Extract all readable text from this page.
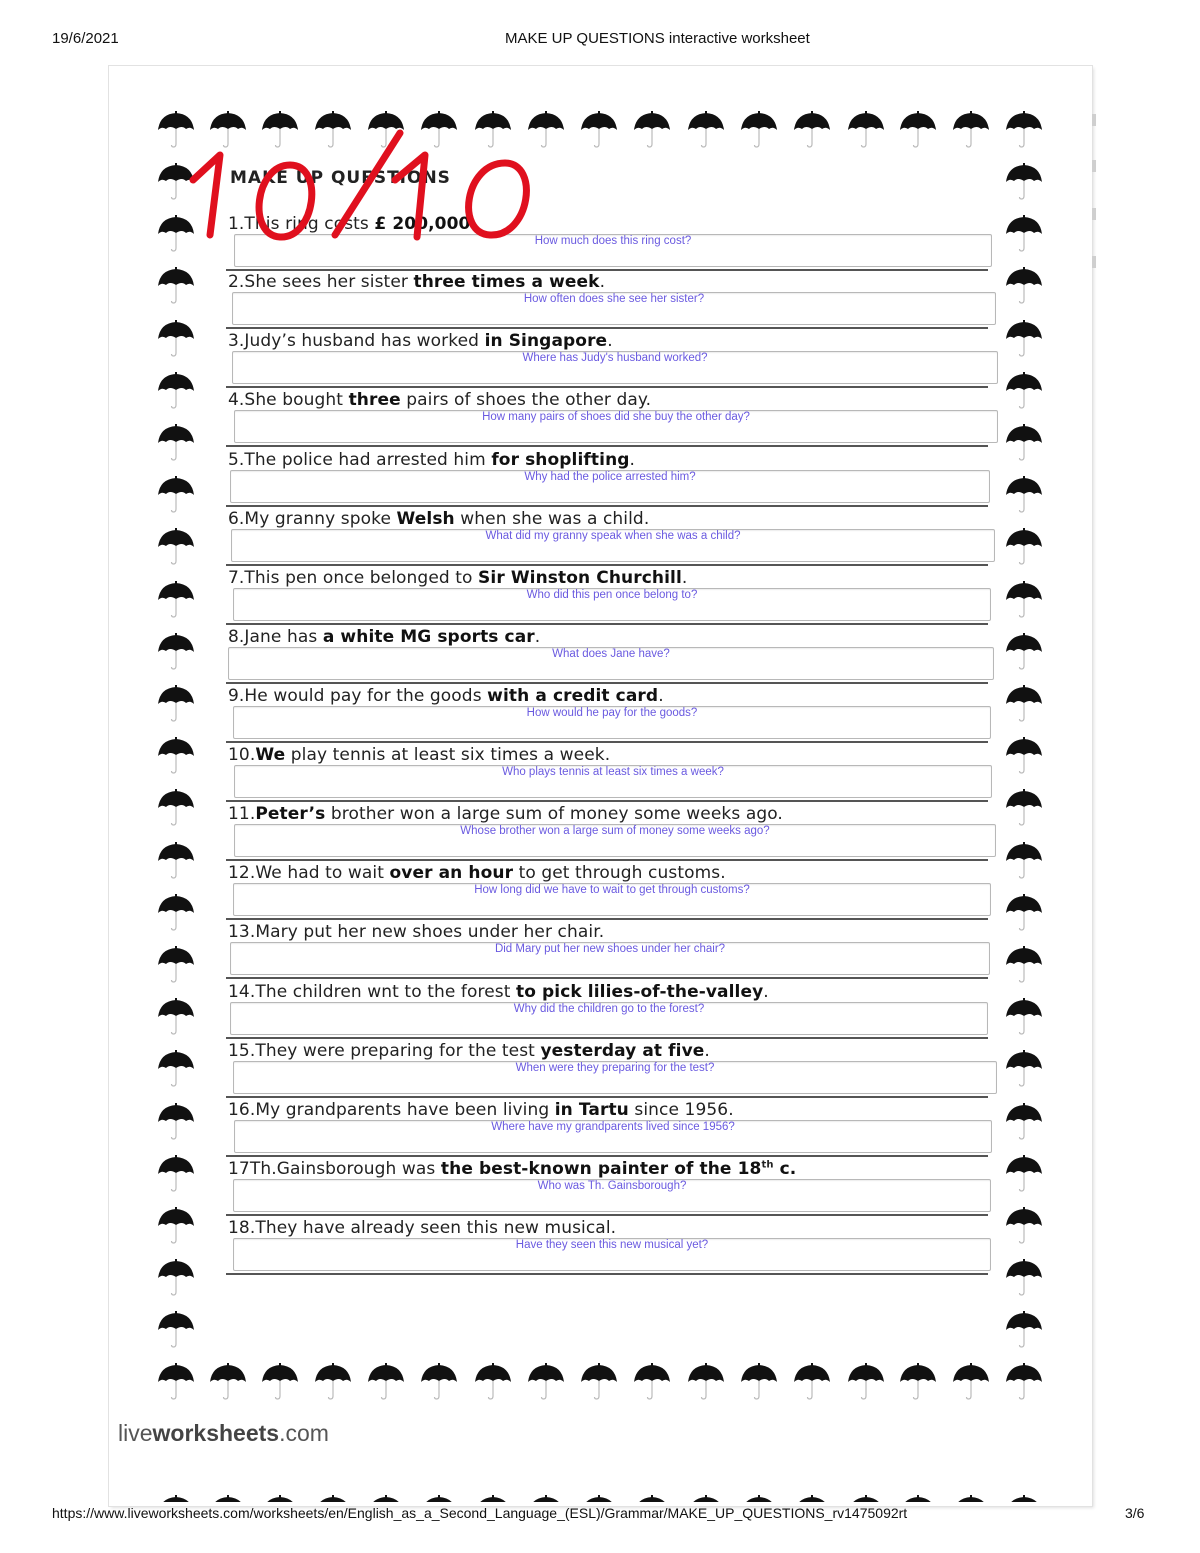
19/6/2021	MAKE UP QUESTIONS interactive worksheet
MAKE UP QUESTIONS
1.This ring costs £ 200,000.
How much does this ring cost?
2.She sees her sister three times a week.
How often does she see her sister?
3.Judy’s husband has worked in Singapore.
Where has Judy's husband worked?
4.She bought three pairs of shoes the other day.
How many pairs of shoes did she buy the other day?
5.The police had arrested him for shoplifting.
Why had the police arrested him?
6.My granny spoke Welsh when she was a child.
What did my granny speak when she was a child?
7.This pen once belonged to Sir Winston Churchill.
Who did this pen once belong to?
8.Jane has a white MG sports car.
What does Jane have?
9.He would pay for the goods with a credit card.
How would he pay for the goods?
10.We play tennis at least six times a week.
Who plays tennis at least six times a week?
11.Peter’s brother won a large sum of money some weeks ago.
Whose brother won a large sum of money some weeks ago?
12.We had to wait over an hour to get through customs.
How long did we have to wait to get through customs?
13.Mary put her new shoes under her chair.
Did Mary put her new shoes under her chair?
14.The children wnt to the forest to pick lilies-of-the-valley.
Why did the children go to the forest?
15.They were preparing for the test yesterday at five.
When were they preparing for the test?
16.My grandparents have been living in Tartu since 1956.
Where have my grandparents lived since 1956?
17Th.Gainsborough was the best-known painter of the 18th c.
Who was Th. Gainsborough?
18.They have already seen this new musical.
Have they seen this new musical yet?
liveworksheets.com
https://www.liveworksheets.com/worksheets/en/English_as_a_Second_Language_(ESL)/Grammar/MAKE_UP_QUESTIONS_rv1475092rt	3/6
